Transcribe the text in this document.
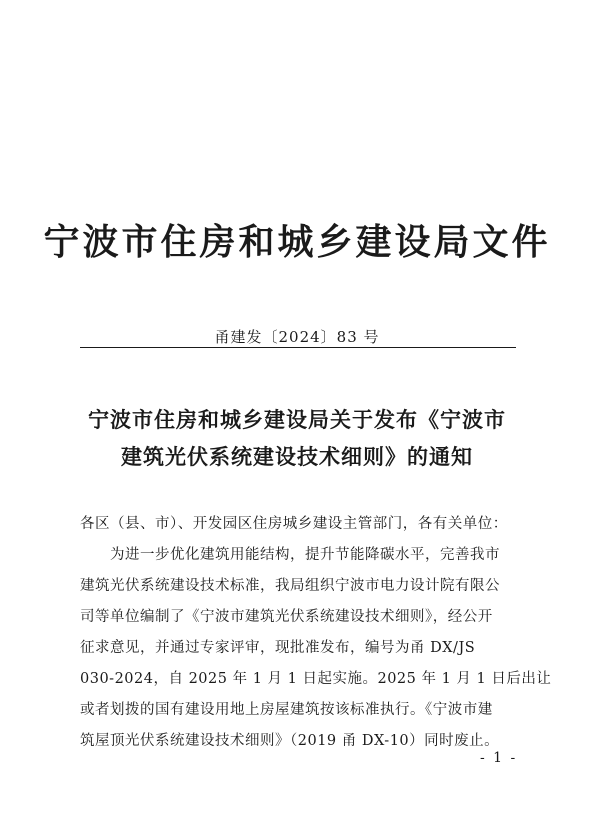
宁波市住房和城乡建设局文件
甬建发〔2024〕83 号
宁波市住房和城乡建设局关于发布《宁波市
建筑光伏系统建设技术细则》的通知
各区（县、市）、开发园区住房城乡建设主管部门，各有关单位：
　　为进一步优化建筑用能结构，提升节能降碳水平，完善我市
建筑光伏系统建设技术标准，我局组织宁波市电力设计院有限公
司等单位编制了《宁波市建筑光伏系统建设技术细则》，经公开
征求意见，并通过专家评审，现批准发布，编号为甬 DX/JS
030-2024，自 2025 年 1 月 1 日起实施。2025 年 1 月 1 日后出让
或者划拨的国有建设用地上房屋建筑按该标准执行。《宁波市建
筑屋顶光伏系统建设技术细则》（2019 甬 DX-10）同时废止。
- 1 -
